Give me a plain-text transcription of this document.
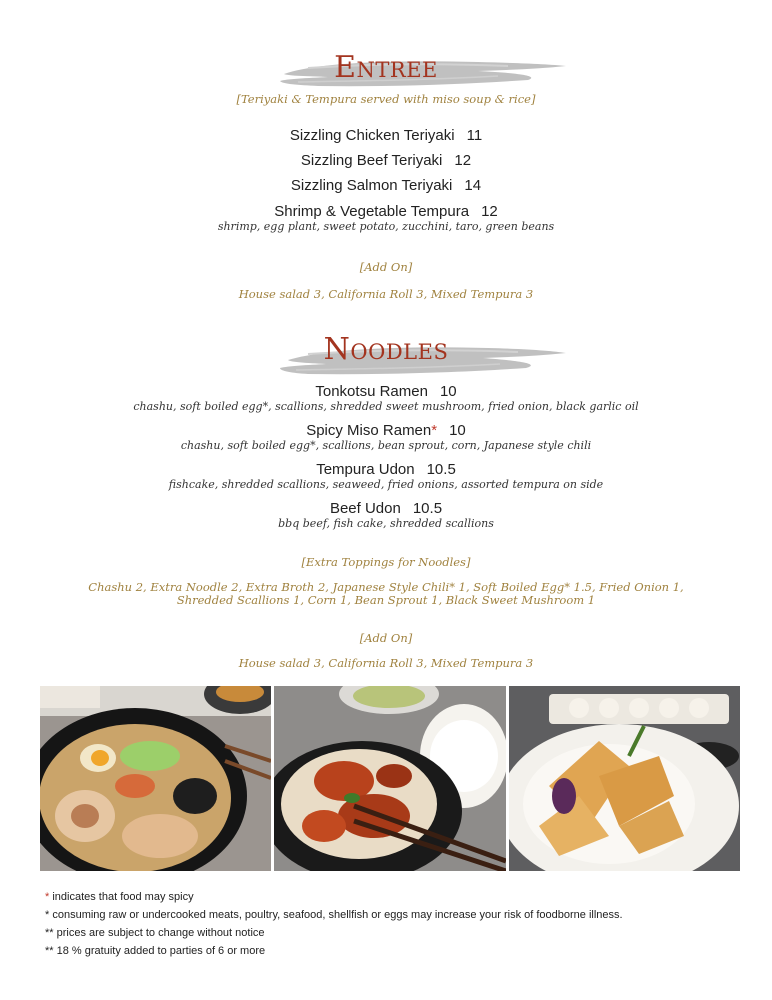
Entree
[Teriyaki & Tempura served with miso soup & rice]
Sizzling Chicken Teriyaki 11
Sizzling Beef Teriyaki 12
Sizzling Salmon Teriyaki 14
Shrimp & Vegetable Tempura 12
shrimp, egg plant, sweet potato, zucchini, taro, green beans
[Add On]
House salad 3, California Roll 3, Mixed Tempura 3
Noodles
Tonkotsu Ramen 10
chashu, soft boiled egg*, scallions, shredded sweet mushroom, fried onion, black garlic oil
Spicy Miso Ramen* 10
chashu, soft boiled egg*, scallions, bean sprout, corn, Japanese style chili
Tempura Udon 10.5
fishcake, shredded scallions, seaweed, fried onions, assorted tempura on side
Beef Udon 10.5
bbq beef, fish cake, shredded scallions
[Extra Toppings for Noodles]
Chashu 2, Extra Noodle 2, Extra Broth 2, Japanese Style Chili* 1, Soft Boiled Egg* 1.5, Fried Onion 1,
Shredded Scallions 1, Corn 1, Bean Sprout 1, Black Sweet Mushroom 1
[Add On]
House salad 3, California Roll 3, Mixed Tempura 3
* indicates that food may spicy
* consuming raw or undercooked meats, poultry, seafood, shellfish or eggs may increase your risk of foodborne illness.
** prices are subject to change without notice
** 18 % gratuity added to parties of 6 or more
